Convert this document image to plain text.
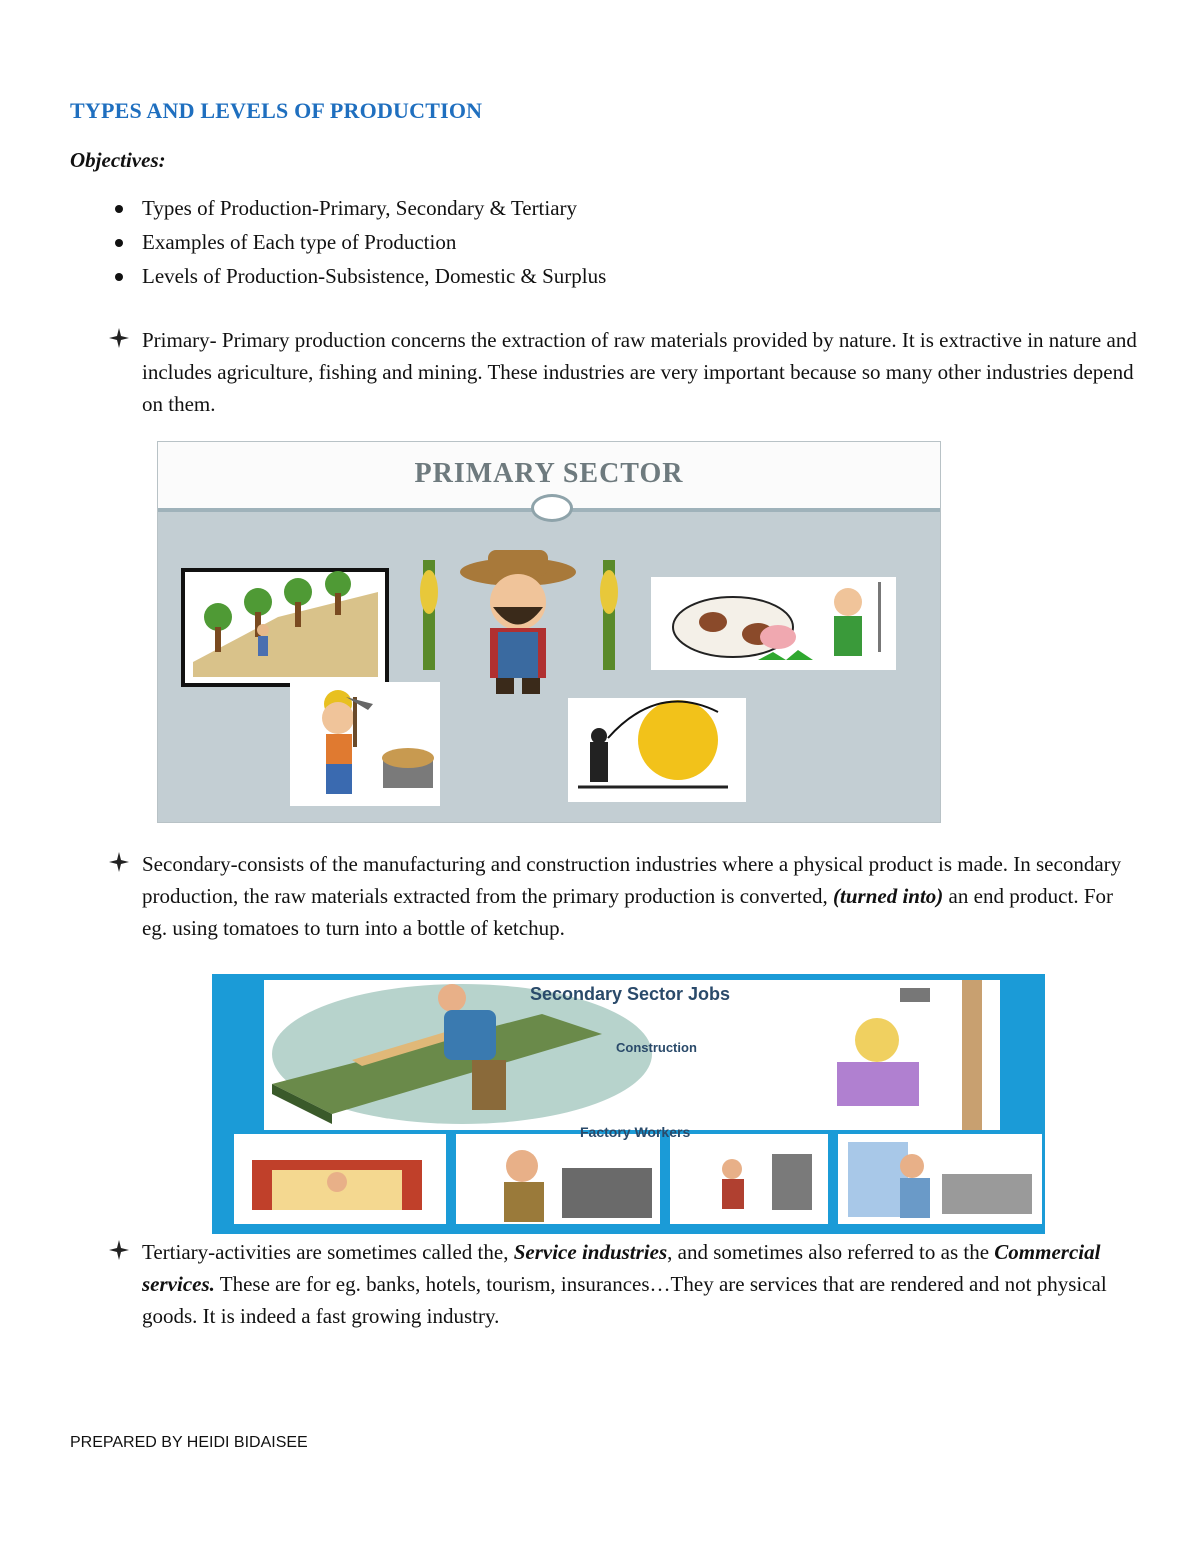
TYPES AND LEVELS OF PRODUCTION
Objectives:
Types of Production-Primary, Secondary & Tertiary
Examples of Each type of Production
Levels of Production-Subsistence, Domestic & Surplus
Primary- Primary production concerns the extraction of raw materials provided by nature. It is extractive in nature and includes agriculture, fishing and mining. These industries are very important because so many other industries depend on them.
PRIMARY SECTOR
Secondary-consists of the manufacturing and construction industries where a physical product is made. In secondary production, the raw materials extracted from the primary production is converted, (turned into) an end product. For eg. using tomatoes to turn into a bottle of ketchup.
Secondary Sector Jobs
Construction
Factory Workers
Tertiary-activities are sometimes called the, Service industries, and sometimes also referred to as the Commercial services. These are for eg. banks, hotels, tourism, insurances…They are services that are rendered and not physical goods. It is indeed a fast growing industry.
PREPARED BY HEIDI BIDAISEE
